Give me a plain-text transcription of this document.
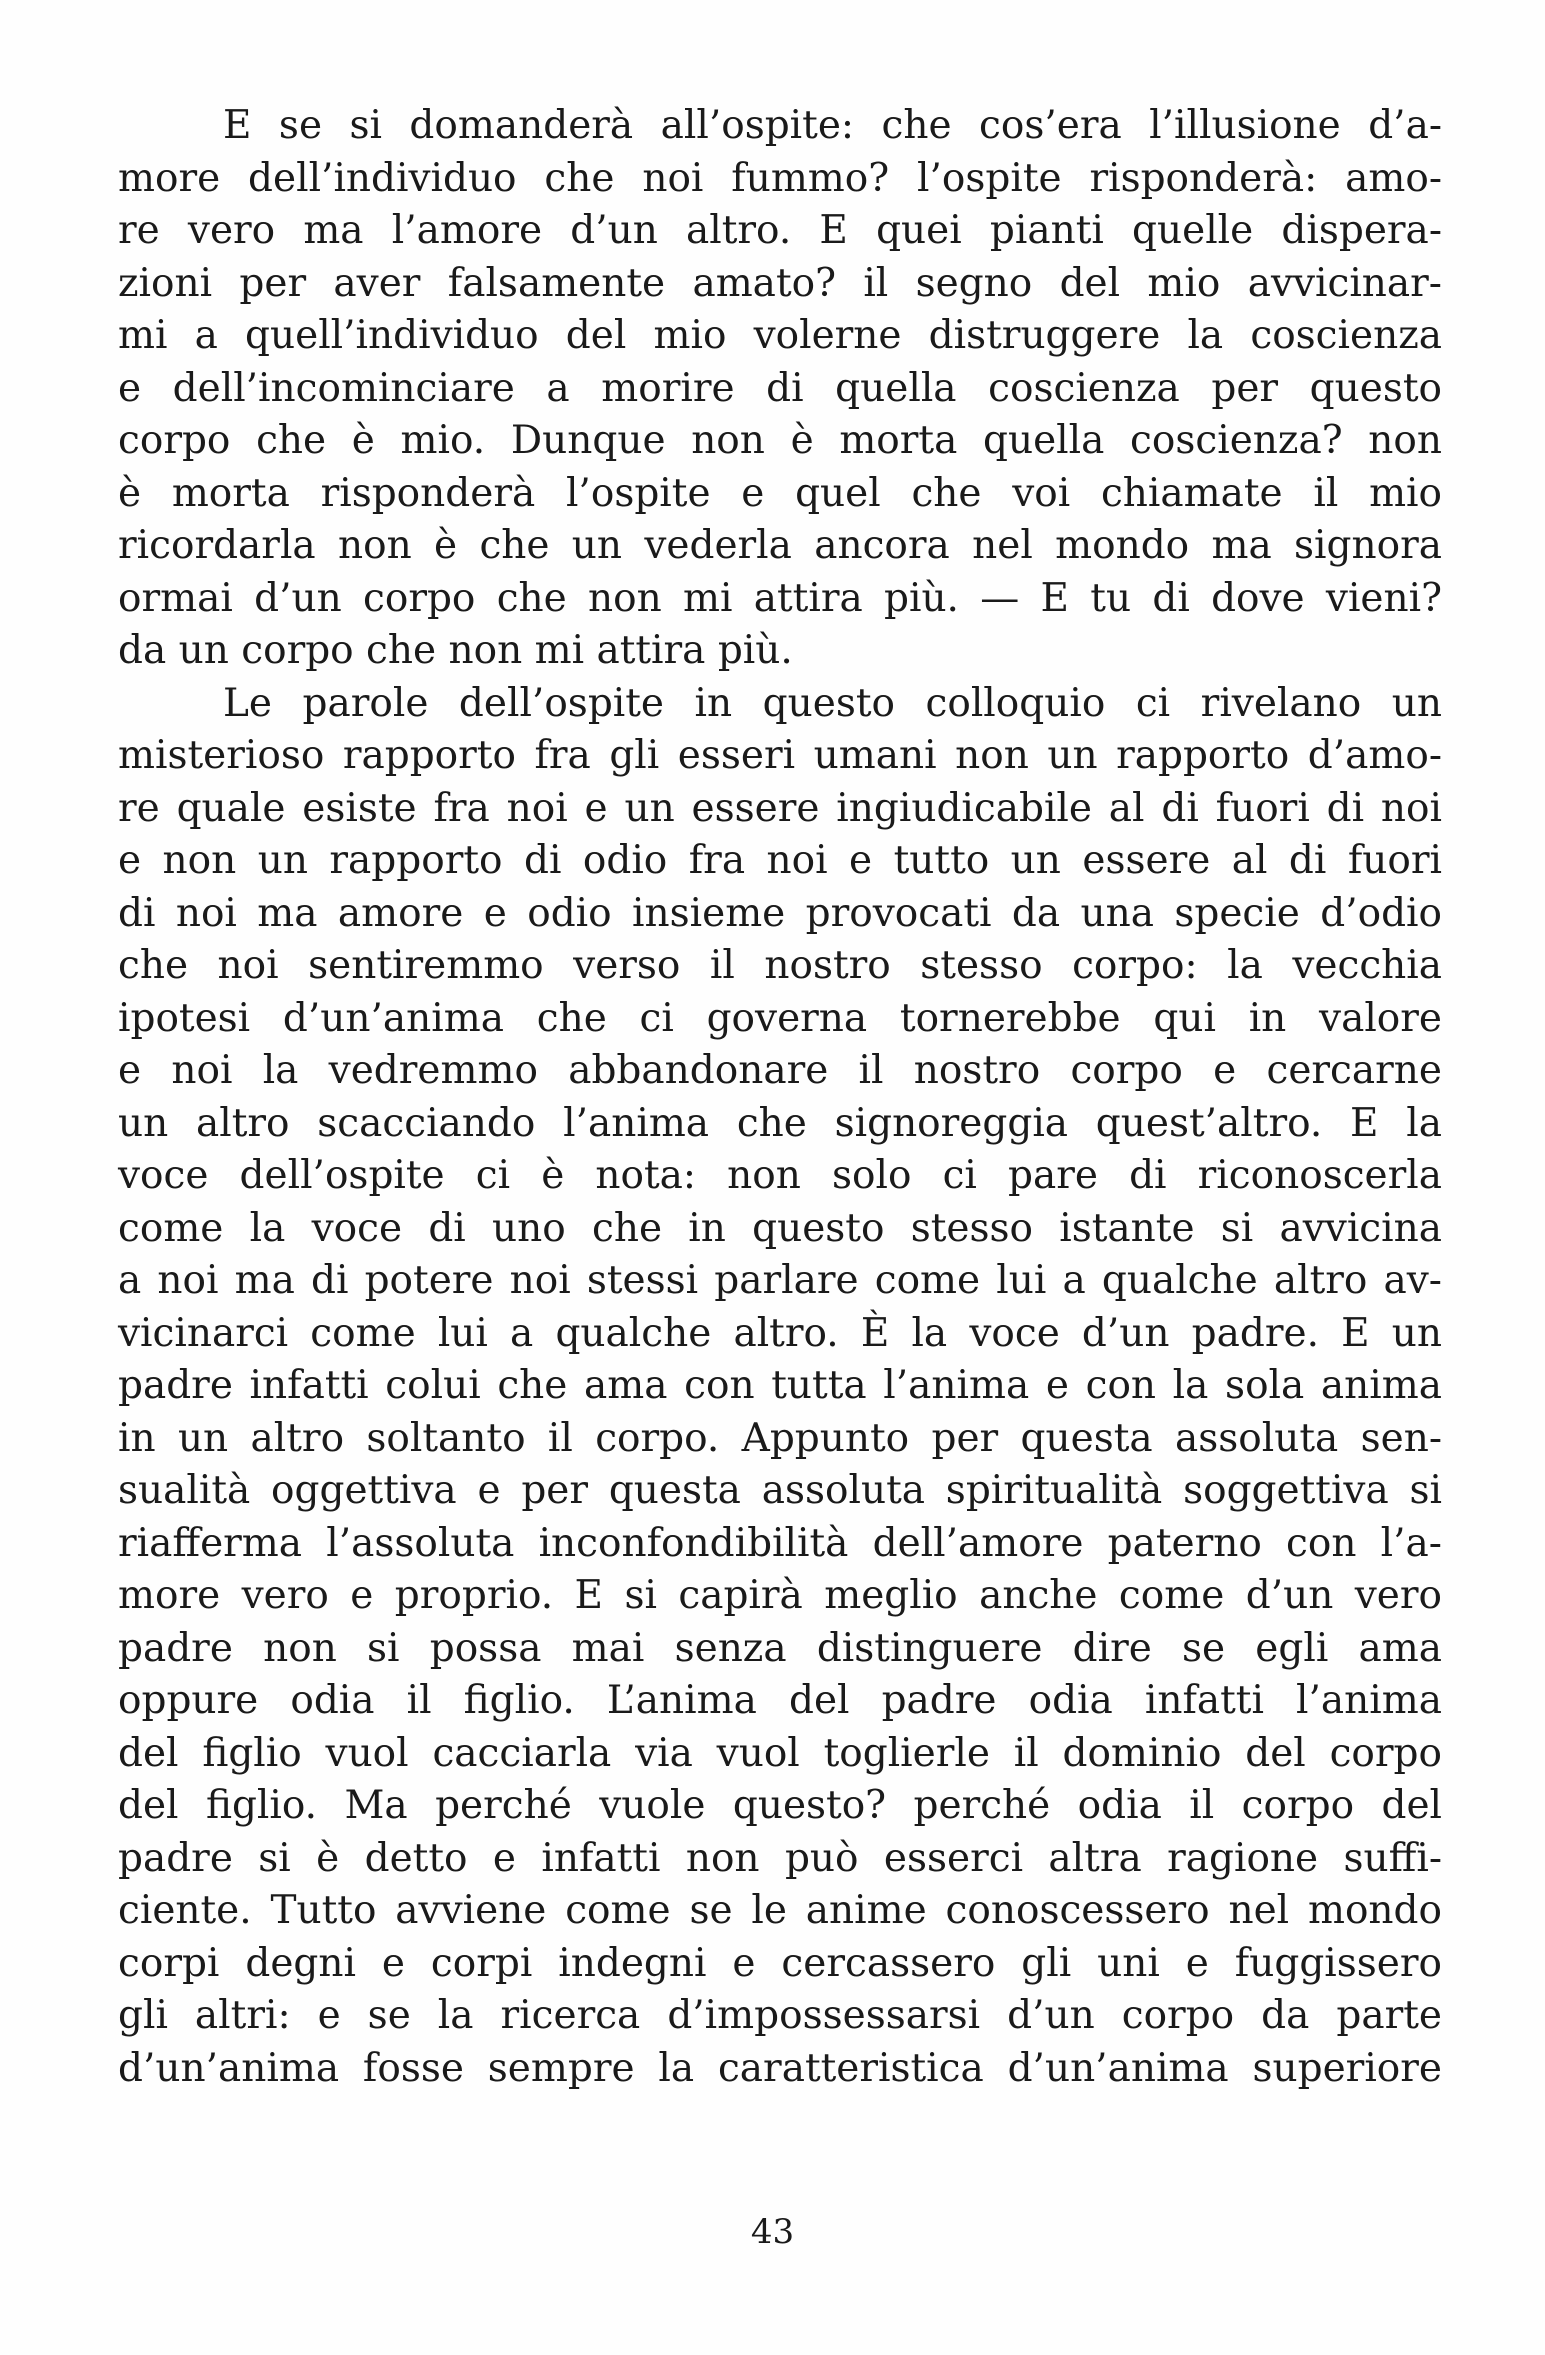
E se si domanderà all’ospite: che cos’era l’illusione d’a-
more dell’individuo che noi fummo? l’ospite risponderà: amo-
re vero ma l’amore d’un altro. E quei pianti quelle dispera-
zioni per aver falsamente amato? il segno del mio avvicinar-
mi a quell’individuo del mio volerne distruggere la coscienza
e dell’incominciare a morire di quella coscienza per questo
corpo che è mio. Dunque non è morta quella coscienza? non
è morta risponderà l’ospite e quel che voi chiamate il mio
ricordarla non è che un vederla ancora nel mondo ma signora
ormai d’un corpo che non mi attira più. — E tu di dove vieni?
da un corpo che non mi attira più.
Le parole dell’ospite in questo colloquio ci rivelano un
misterioso rapporto fra gli esseri umani non un rapporto d’amo-
re quale esiste fra noi e un essere ingiudicabile al di fuori di noi
e non un rapporto di odio fra noi e tutto un essere al di fuori
di noi ma amore e odio insieme provocati da una specie d’odio
che noi sentiremmo verso il nostro stesso corpo: la vecchia
ipotesi d’un’anima che ci governa tornerebbe qui in valore
e noi la vedremmo abbandonare il nostro corpo e cercarne
un altro scacciando l’anima che signoreggia quest’altro. E la
voce dell’ospite ci è nota: non solo ci pare di riconoscerla
come la voce di uno che in questo stesso istante si avvicina
a noi ma di potere noi stessi parlare come lui a qualche altro av-
vicinarci come lui a qualche altro. È la voce d’un padre. E un
padre infatti colui che ama con tutta l’anima e con la sola anima
in un altro soltanto il corpo. Appunto per questa assoluta sen-
sualità oggettiva e per questa assoluta spiritualità soggettiva si
riafferma l’assoluta inconfondibilità dell’amore paterno con l’a-
more vero e proprio. E si capirà meglio anche come d’un vero
padre non si possa mai senza distinguere dire se egli ama
oppure odia il figlio. L’anima del padre odia infatti l’anima
del figlio vuol cacciarla via vuol toglierle il dominio del corpo
del figlio. Ma perché vuole questo? perché odia il corpo del
padre si è detto e infatti non può esserci altra ragione suffi-
ciente. Tutto avviene come se le anime conoscessero nel mondo
corpi degni e corpi indegni e cercassero gli uni e fuggissero
gli altri: e se la ricerca d’impossessarsi d’un corpo da parte
d’un’anima fosse sempre la caratteristica d’un’anima superiore
43
